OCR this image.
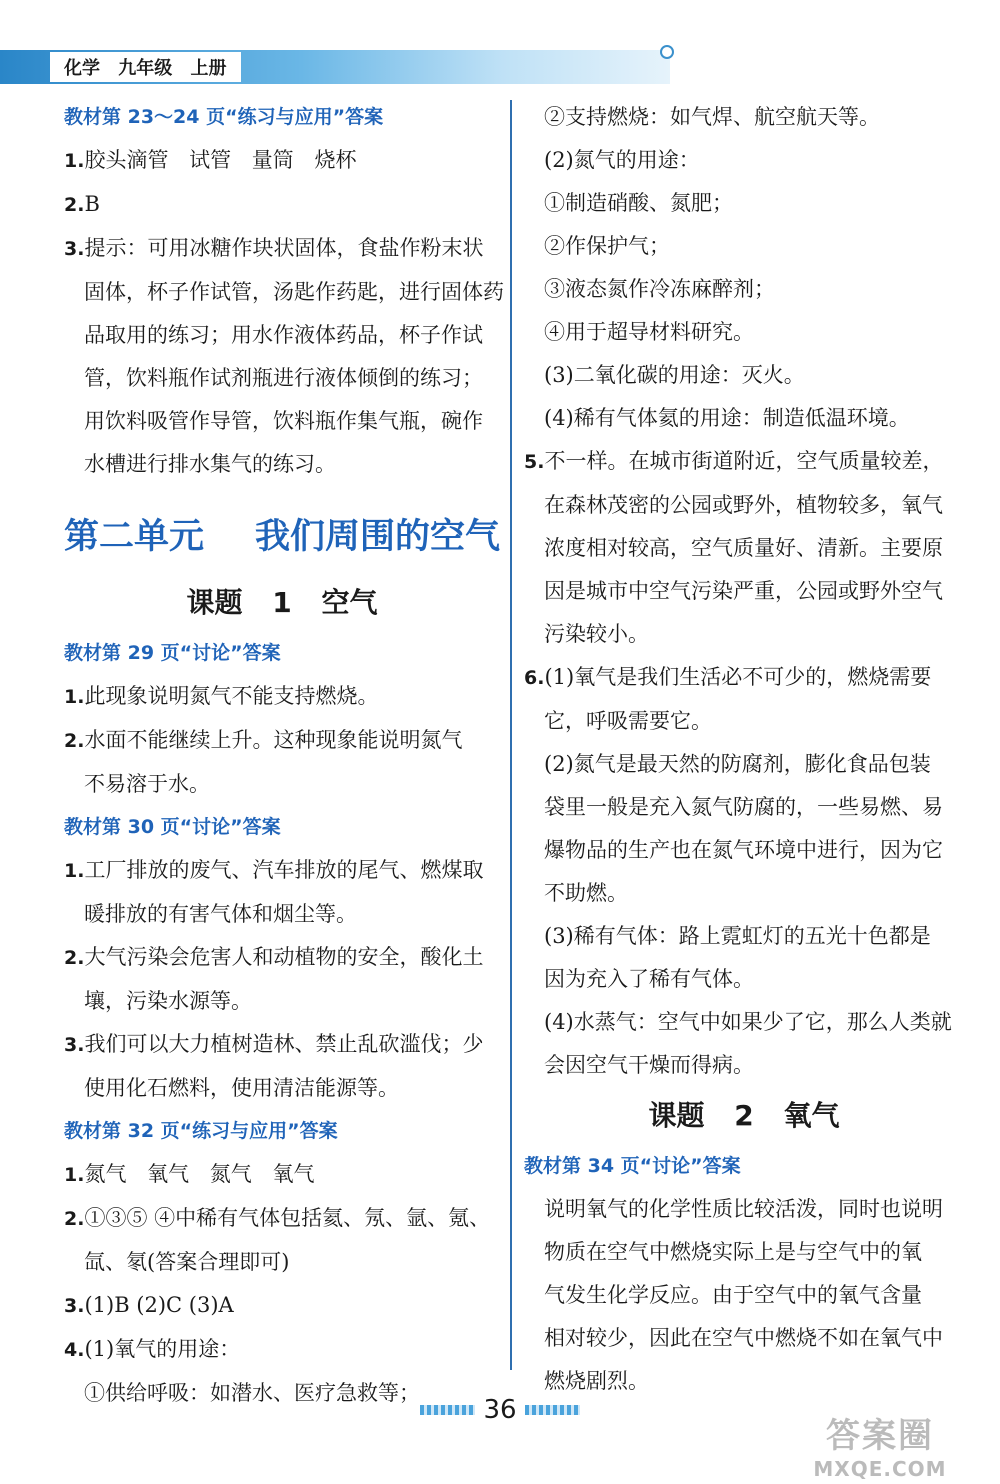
化学 九年级 上册
教材第 23～24 页“练习与应用”答案
1.胶头滴管 试管 量筒 烧杯
2.B
3.提示：可用冰糖作块状固体，食盐作粉末状
固体，杯子作试管，汤匙作药匙，进行固体药
品取用的练习；用水作液体药品，杯子作试
管，饮料瓶作试剂瓶进行液体倾倒的练习；
用饮料吸管作导管，饮料瓶作集气瓶，碗作
水槽进行排水集气的练习。
第二单元 我们周围的空气
课题 1 空气
教材第 29 页“讨论”答案
1.此现象说明氮气不能支持燃烧。
2.水面不能继续上升。这种现象能说明氮气
不易溶于水。
教材第 30 页“讨论”答案
1.工厂排放的废气、汽车排放的尾气、燃煤取
暖排放的有害气体和烟尘等。
2.大气污染会危害人和动植物的安全，酸化土
壤，污染水源等。
3.我们可以大力植树造林、禁止乱砍滥伐；少
使用化石燃料，使用清洁能源等。
教材第 32 页“练习与应用”答案
1.氮气 氧气 氮气 氧气
2.①③⑤ ④中稀有气体包括氦、氖、氩、氪、
氙、氡(答案合理即可)
3.(1)B (2)C (3)A
4.(1)氧气的用途：
①供给呼吸：如潜水、医疗急救等；
②支持燃烧：如气焊、航空航天等。
(2)氮气的用途：
①制造硝酸、氮肥；
②作保护气；
③液态氮作冷冻麻醉剂；
④用于超导材料研究。
(3)二氧化碳的用途：灭火。
(4)稀有气体氦的用途：制造低温环境。
5.不一样。在城市街道附近，空气质量较差，
在森林茂密的公园或野外，植物较多，氧气
浓度相对较高，空气质量好、清新。主要原
因是城市中空气污染严重，公园或野外空气
污染较小。
6.(1)氧气是我们生活必不可少的，燃烧需要
它，呼吸需要它。
(2)氮气是最天然的防腐剂，膨化食品包装
袋里一般是充入氮气防腐的，一些易燃、易
爆物品的生产也在氮气环境中进行，因为它
不助燃。
(3)稀有气体：路上霓虹灯的五光十色都是
因为充入了稀有气体。
(4)水蒸气：空气中如果少了它，那么人类就
会因空气干燥而得病。
课题 2 氧气
教材第 34 页“讨论”答案
说明氧气的化学性质比较活泼，同时也说明
物质在空气中燃烧实际上是与空气中的氧
气发生化学反应。由于空气中的氧气含量
相对较少，因此在空气中燃烧不如在氧气中
燃烧剧烈。
36
答案圈
MXQE.COM
